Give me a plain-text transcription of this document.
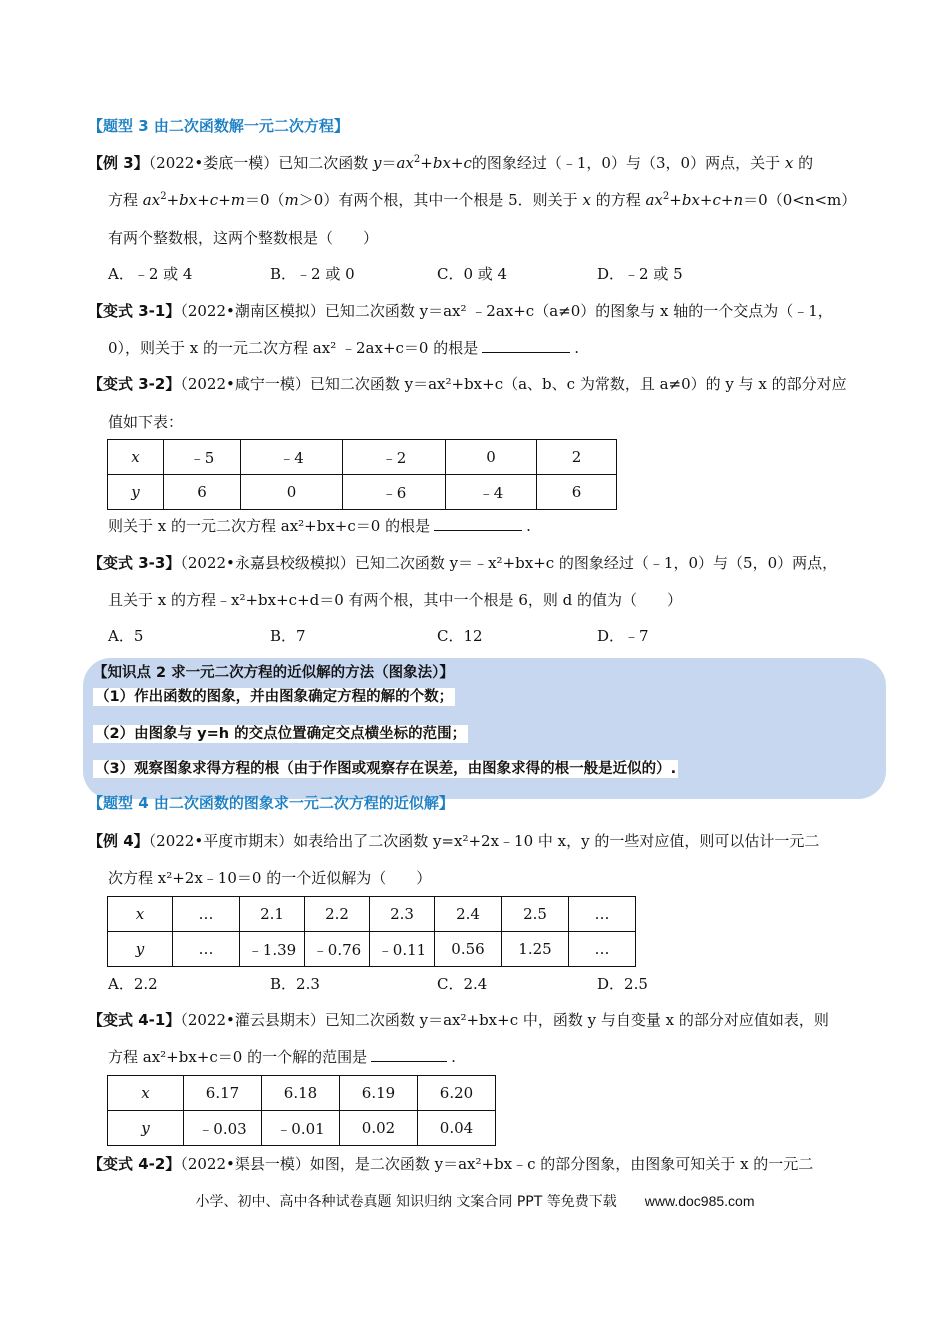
【题型 3 由二次函数解一元二次方程】
【例 3】（2022•娄底一模）已知二次函数 $y=ax^2+bx+c$的图象经过（﹣1，0）与（3，0）两点，关于 x 的
方程 $ax^2+bx+c+m=0(m>0)$有两个根，其中一个根是 5．则关于 x 的方程 $ax^2+bx+c+n=0(0<n<m)$
有两个整数根，这两个整数根是（　　）
A．﹣2 或 4	B．﹣2 或 0	C．0 或 4	D．﹣2 或 5
【变式 3-1】（2022•潮南区模拟）已知二次函数 y＝ax² ﹣2ax+c（a≠0）的图象与 x 轴的一个交点为（﹣1，
0），则关于 x 的一元二次方程 ax² ﹣2ax+c＝0 的根是	.
【变式 3-2】（2022•咸宁一模）已知二次函数 y＝ax²+bx+c（a、b、c 为常数，且 a≠0）的 y 与 x 的部分对应
值如下表：
x	﹣5	﹣4	﹣2	0	2
y	6	0	﹣6	﹣4	6
则关于 x 的一元二次方程 ax²+bx+c＝0 的根是	.
【变式 3-3】（2022•永嘉县校级模拟）已知二次函数 y＝﹣x²+bx+c 的图象经过（﹣1，0）与（5，0）两点，
且关于 x 的方程﹣x²+bx+c+d＝0 有两个根，其中一个根是 6，则 d 的值为（　　）
A．5	B．7	C．12	D．﹣7
【知识点 2 求一元二次方程的近似解的方法（图象法）】
（1）作出函数的图象，并由图象确定方程的解的个数；
（2）由图象与 y=h 的交点位置确定交点横坐标的范围；
（3）观察图象求得方程的根（由于作图或观察存在误差，由图象求得的根一般是近似的）.
【题型 4 由二次函数的图象求一元二次方程的近似解】
【例 4】（2022•平度市期末）如表给出了二次函数 y=x²+2x﹣10 中 x，y 的一些对应值，则可以估计一元二
次方程 x²+2x﹣10＝0 的一个近似解为（　　）
x	…	2.1	2.2	2.3	2.4	2.5	…
y	…	﹣1.39	﹣0.76	﹣0.11	0.56	1.25	…
A．2.2	B．2.3	C．2.4	D．2.5
【变式 4-1】（2022•灌云县期末）已知二次函数 y＝ax²+bx+c 中，函数 y 与自变量 x 的部分对应值如表，则
方程 ax²+bx+c＝0 的一个解的范围是	.
x	6.17	6.18	6.19	6.20
y	﹣0.03	﹣0.01	0.02	0.04
【变式 4-2】（2022•渠县一模）如图，是二次函数 y＝ax²+bx﹣c 的部分图象，由图象可知关于 x 的一元二
小学、初中、高中各种试卷真题 知识归纳 文案合同 PPT 等免费下载 www.doc985.com
